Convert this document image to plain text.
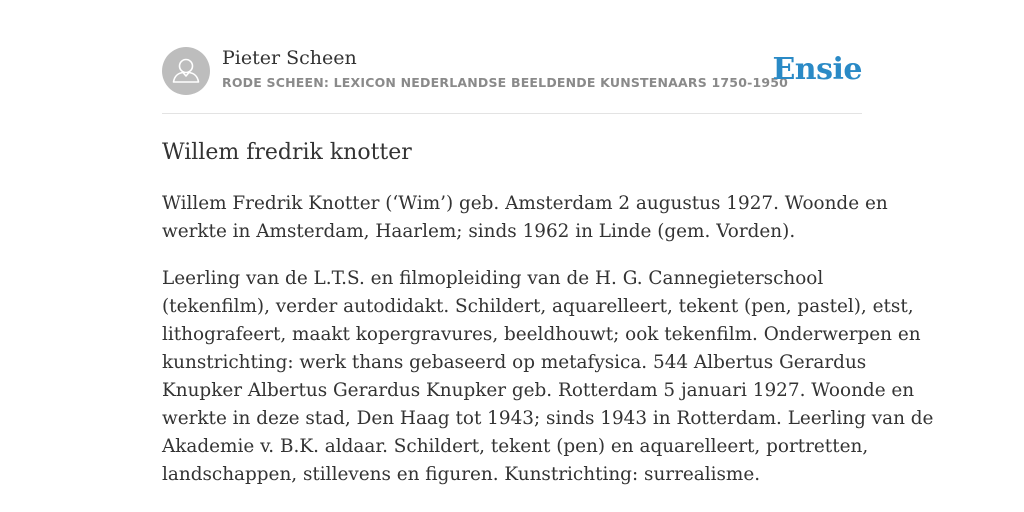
Pieter Scheen
RODE SCHEEN: LEXICON NEDERLANDSE BEELDENDE KUNSTENAARS 1750-1950
Ensie
Willem fredrik knotter

Willem Fredrik Knotter (‘Wim’) geb. Amsterdam 2 augustus 1927. Woonde en
werkte in Amsterdam, Haarlem; sinds 1962 in Linde (gem. Vorden).

Leerling van de L.T.S. en filmopleiding van de H. G. Cannegieterschool
(tekenfilm), verder autodidakt. Schildert, aquarelleert, tekent (pen, pastel), etst,
lithografeert, maakt kopergravures, beeldhouwt; ook tekenfilm. Onderwerpen en
kunstrichting: werk thans gebaseerd op metafysica. 544 Albertus Gerardus
Knupker Albertus Gerardus Knupker geb. Rotterdam 5 januari 1927. Woonde en
werkte in deze stad, Den Haag tot 1943; sinds 1943 in Rotterdam. Leerling van de
Akademie v. B.K. aldaar. Schildert, tekent (pen) en aquarelleert, portretten,
landschappen, stillevens en figuren. Kunstrichting: surrealisme.
